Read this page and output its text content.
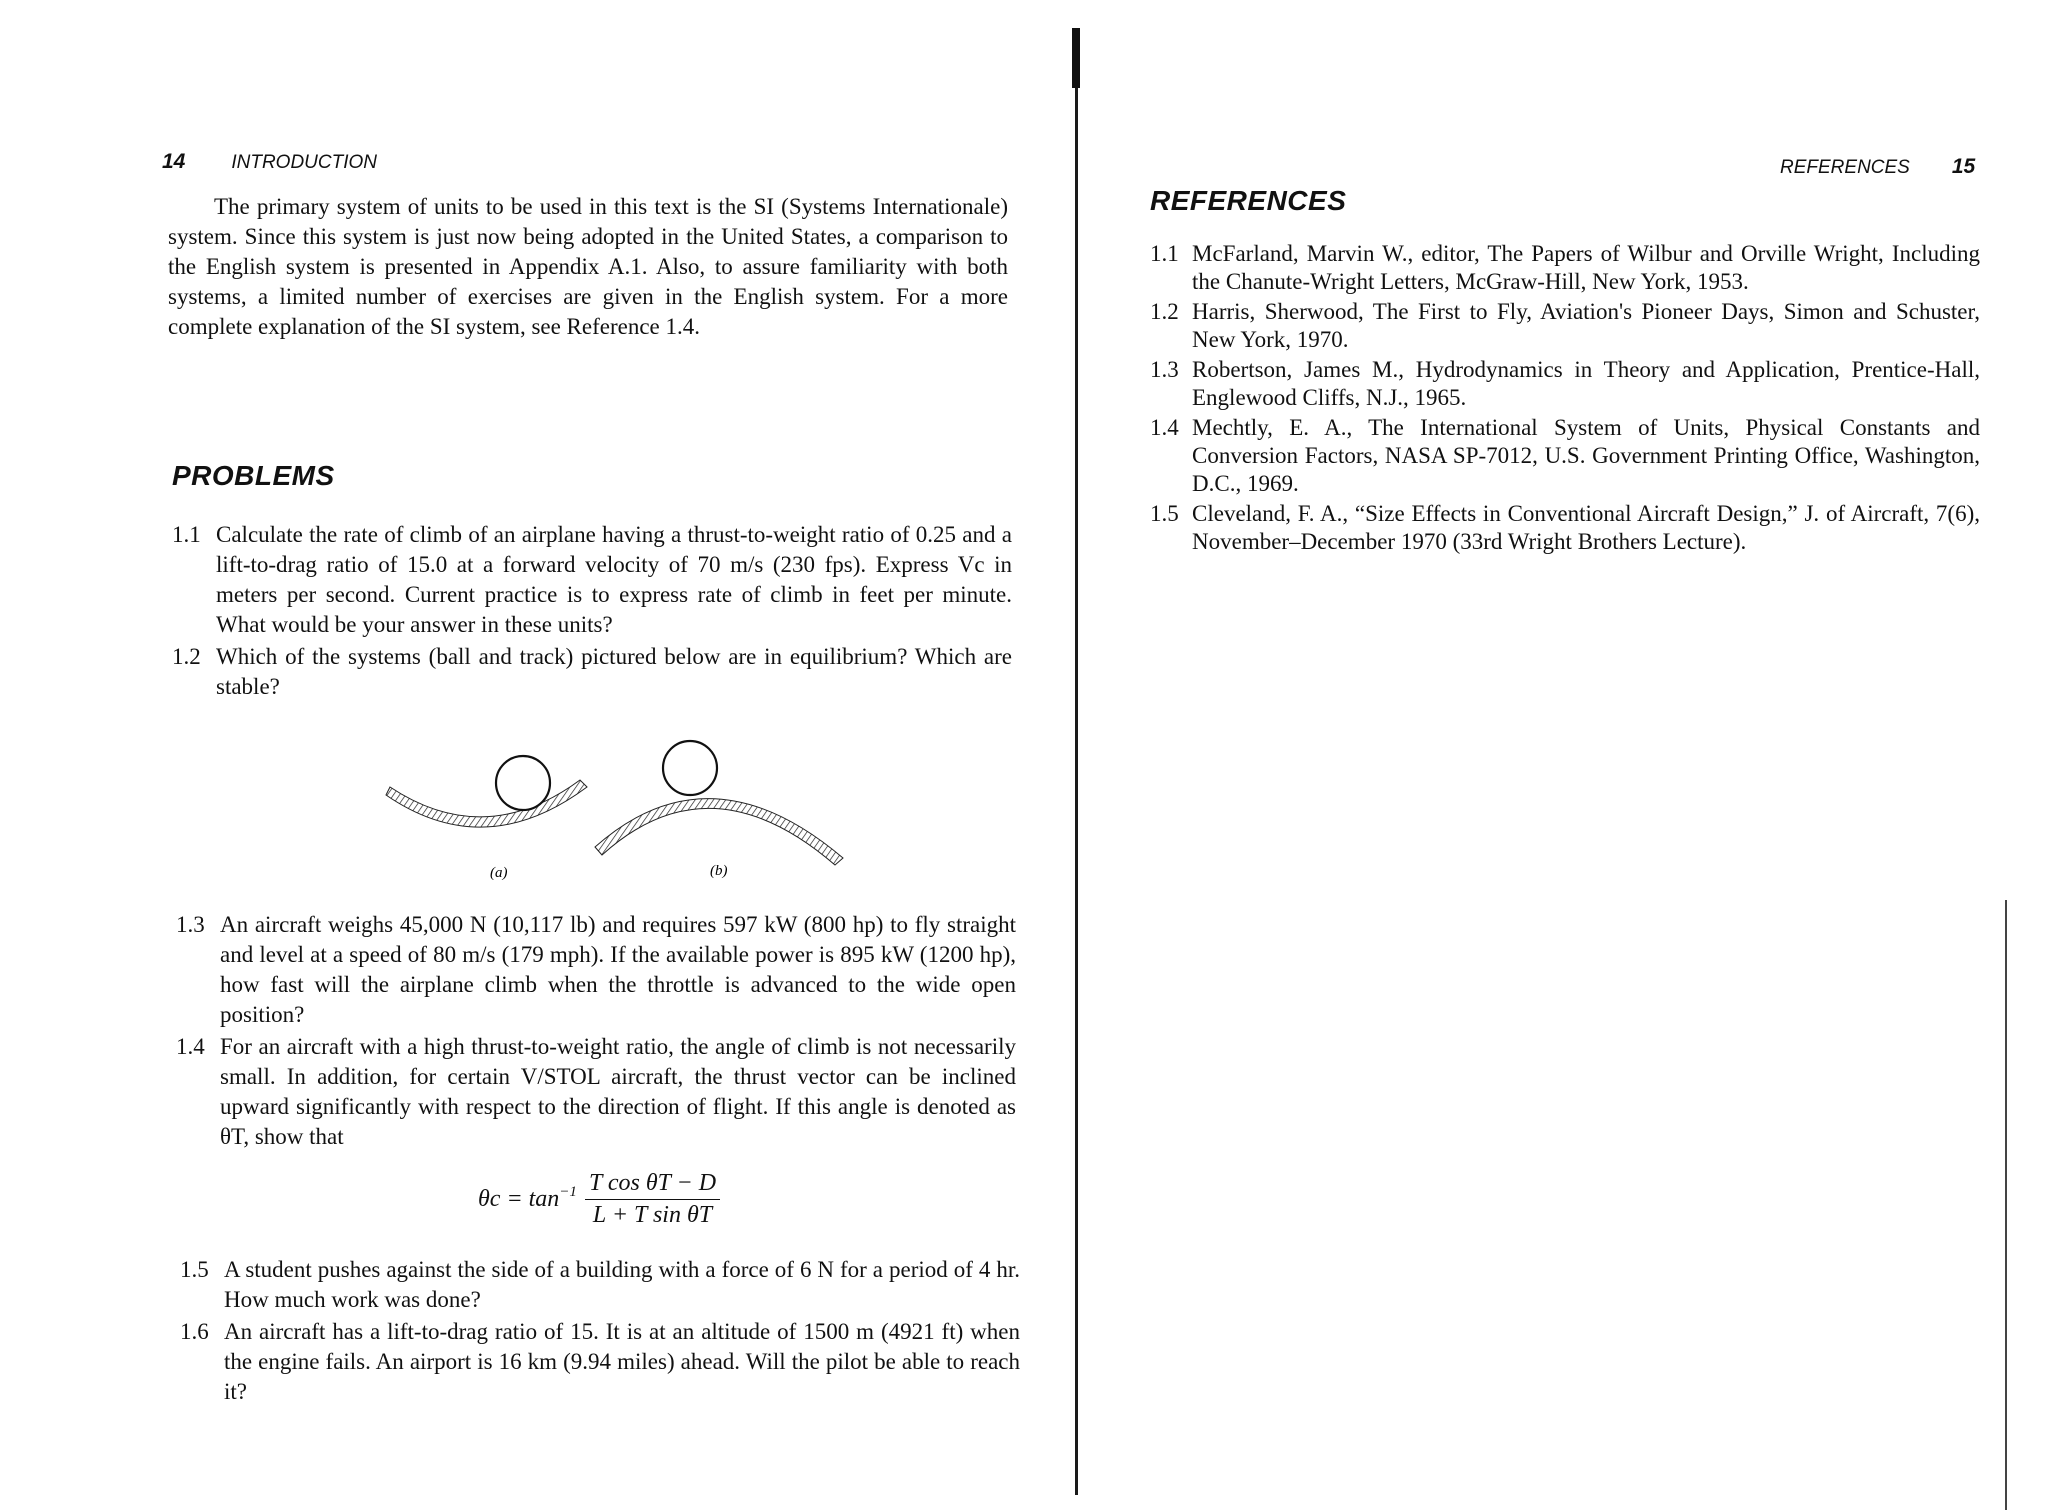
14 INTRODUCTION

The primary system of units to be used in this text is the SI (Systems Internationale) system. Since this system is just now being adopted in the United States, a comparison to the English system is presented in Appendix A.1. Also, to assure familiarity with both systems, a limited number of exercises are given in the English system. For a more complete explanation of the SI system, see Reference 1.4.

PROBLEMS
1.1 Calculate the rate of climb of an airplane having a thrust-to-weight ratio of 0.25 and a lift-to-drag ratio of 15.0 at a forward velocity of 70 m/s (230 fps). Express Vc in meters per second. Current practice is to express rate of climb in feet per minute. What would be your answer in these units?
1.2 Which of the systems (ball and track) pictured below are in equilibrium? Which are stable?
(a)	(b)
1.3 An aircraft weighs 45,000 N (10,117 lb) and requires 597 kW (800 hp) to fly straight and level at a speed of 80 m/s (179 mph). If the available power is 895 kW (1200 hp), how fast will the airplane climb when the throttle is advanced to the wide open position?
1.4 For an aircraft with a high thrust-to-weight ratio, the angle of climb is not necessarily small. In addition, for certain V/STOL aircraft, the thrust vector can be inclined upward significantly with respect to the direction of flight. If this angle is denoted as θT, show that
$\theta c = \tan^{-1} \frac{\text{T cos θT − D}}{\text{L + T sin θT}}$
1.5 A student pushes against the side of a building with a force of 6 N for a period of 4 hr. How much work was done?
1.6 An aircraft has a lift-to-drag ratio of 15. It is at an altitude of 1500 m (4921 ft) when the engine fails. An airport is 16 km (9.94 miles) ahead. Will the pilot be able to reach it?
REFERENCES 15
REFERENCES
1.1 McFarland, Marvin W., editor, The Papers of Wilbur and Orville Wright, Including the Chanute-Wright Letters, McGraw-Hill, New York, 1953.
1.2 Harris, Sherwood, The First to Fly, Aviation's Pioneer Days, Simon and Schuster, New York, 1970.
1.3 Robertson, James M., Hydrodynamics in Theory and Application, Prentice-Hall, Englewood Cliffs, N.J., 1965.
1.4 Mechtly, E. A., The International System of Units, Physical Constants and Conversion Factors, NASA SP-7012, U.S. Government Printing Office, Washington, D.C., 1969.
1.5 Cleveland, F. A., “Size Effects in Conventional Aircraft Design,” J. of Aircraft, 7(6), November–December 1970 (33rd Wright Brothers Lecture).
